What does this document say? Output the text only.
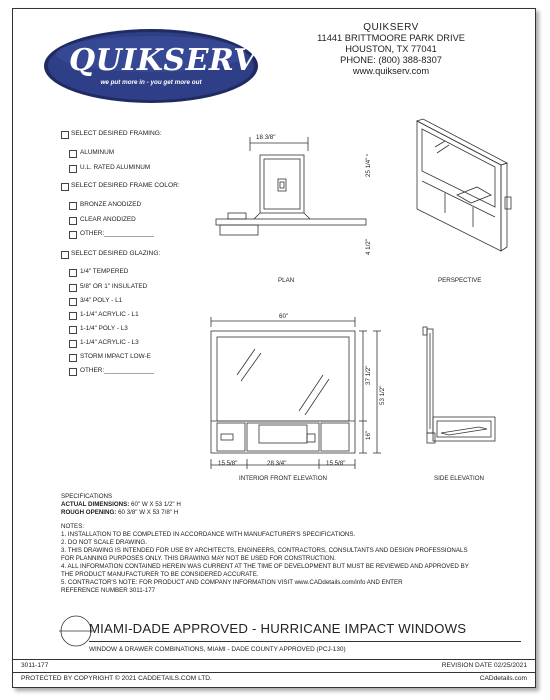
QUIKSERV
we put more in - you get more out
QUIKSERV
11441 BRITTMOORE PARK DRIVE
HOUSTON, TX 77041
PHONE: (800) 388-8307
www.quikserv.com
SELECT DESIRED FRAMING:
ALUMINUM
U.L. RATED ALUMINUM
SELECT DESIRED FRAME COLOR:
BRONZE ANODIZED
CLEAR ANODIZED
OTHER:______________
SELECT DESIRED GLAZING:
1/4" TEMPERED
5/8" OR 1" INSULATED
3/4" POLY - L1
1-1/4" ACRYLIC - L1
1-1/4" POLY - L3
1-1/4" ACRYLIC - L3
STORM IMPACT LOW-E
OTHER:______________
18 3/8"
25 1/4"
4 1/2"
PLAN	PERSPECTIVE
60"
37 1/2"
53 1/2"
16"
15 5/8"	28 3/4"	15 5/8"
INTERIOR FRONT ELEVATION	SIDE ELEVATION
SPECIFICATIONS
ACTUAL DIMENSIONS: 60" W X 53 1/2" H
ROUGH OPENING: 60 3/8" W X 53 7/8" H
NOTES:
1. INSTALLATION TO BE COMPLETED IN ACCORDANCE WITH MANUFACTURER'S SPECIFICATIONS.
2. DO NOT SCALE DRAWING.
3. THIS DRAWING IS INTENDED FOR USE BY ARCHITECTS, ENGINEERS, CONTRACTORS, CONSULTANTS AND DESIGN PROFESSIONALS
FOR PLANNING PURPOSES ONLY. THIS DRAWING MAY NOT BE USED FOR CONSTRUCTION.
4. ALL INFORMATION CONTAINED HEREIN WAS CURRENT AT THE TIME OF DEVELOPMENT BUT MUST BE REVIEWED AND APPROVED BY
THE PRODUCT MANUFACTURER TO BE CONSIDERED ACCURATE.
5. CONTRACTOR'S NOTE: FOR PRODUCT AND COMPANY INFORMATION VISIT www.CADdetails.com/info AND ENTER
REFERENCE NUMBER 3011-177
MIAMI-DADE APPROVED - HURRICANE IMPACT WINDOWS
WINDOW & DRAWER COMBINATIONS, MIAMI - DADE COUNTY APPROVED (PCJ-130)
3011-177	REVISION DATE 02/25/2021
PROTECTED BY COPYRIGHT © 2021 CADDETAILS.COM LTD.	CADdetails.com
